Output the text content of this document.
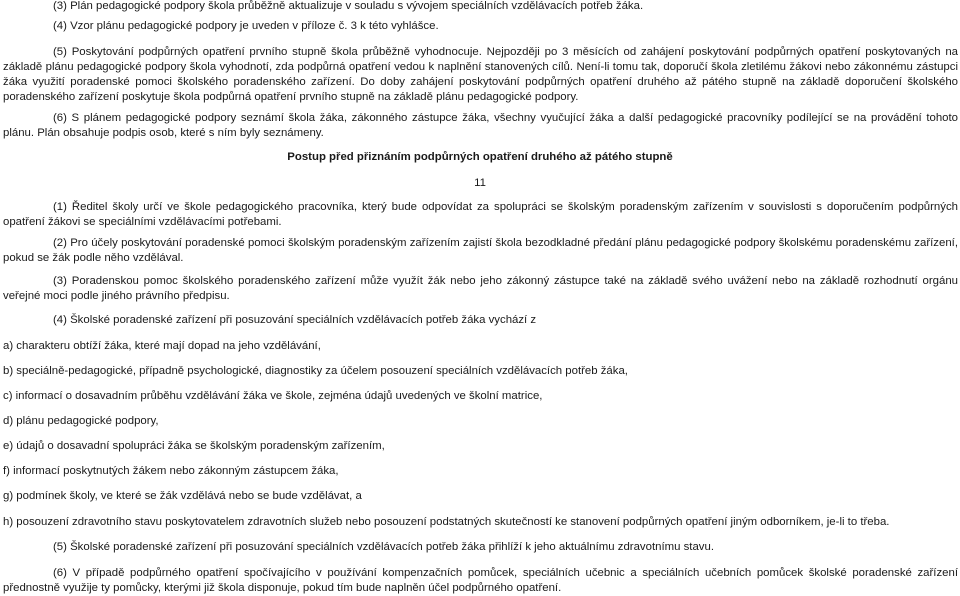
(3) Plán pedagogické podpory škola průběžně aktualizuje v souladu s vývojem speciálních vzdělávacích potřeb žáka.

(4) Vzor plánu pedagogické podpory je uveden v příloze č. 3 k této vyhlášce.

(5) Poskytování podpůrných opatření prvního stupně škola průběžně vyhodnocuje. Nejpozději po 3 měsících od zahájení poskytování podpůrných opatření poskytovaných na základě plánu pedagogické podpory škola vyhodnotí, zda podpůrná opatření vedou k naplnění stanovených cílů. Není-li tomu tak, doporučí škola zletilému žákovi nebo zákonnému zástupci žáka využití poradenské pomoci školského poradenského zařízení. Do doby zahájení poskytování podpůrných opatření druhého až pátého stupně na základě doporučení školského poradenského zařízení poskytuje škola podpůrná opatření prvního stupně na základě plánu pedagogické podpory.

(6) S plánem pedagogické podpory seznámí škola žáka, zákonného zástupce žáka, všechny vyučující žáka a další pedagogické pracovníky podílející se na provádění tohoto plánu. Plán obsahuje podpis osob, které s ním byly seznámeny.

Postup před přiznáním podpůrných opatření druhého až pátého stupně

11

(1) Ředitel školy určí ve škole pedagogického pracovníka, který bude odpovídat za spolupráci se školským poradenským zařízením v souvislosti s doporučením podpůrných opatření žákovi se speciálními vzdělávacími potřebami.

(2) Pro účely poskytování poradenské pomoci školským poradenským zařízením zajistí škola bezodkladné předání plánu pedagogické podpory školskému poradenskému zařízení, pokud se žák podle něho vzdělával.

(3) Poradenskou pomoc školského poradenského zařízení může využít žák nebo jeho zákonný zástupce také na základě svého uvážení nebo na základě rozhodnutí orgánu veřejné moci podle jiného právního předpisu.

(4) Školské poradenské zařízení při posuzování speciálních vzdělávacích potřeb žáka vychází z

a) charakteru obtíží žáka, které mají dopad na jeho vzdělávání,

b) speciálně-pedagogické, případně psychologické, diagnostiky za účelem posouzení speciálních vzdělávacích potřeb žáka,

c) informací o dosavadním průběhu vzdělávání žáka ve škole, zejména údajů uvedených ve školní matrice,

d) plánu pedagogické podpory,

e) údajů o dosavadní spolupráci žáka se školským poradenským zařízením,

f) informací poskytnutých žákem nebo zákonným zástupcem žáka,

g) podmínek školy, ve které se žák vzdělává nebo se bude vzdělávat, a

h) posouzení zdravotního stavu poskytovatelem zdravotních služeb nebo posouzení podstatných skutečností ke stanovení podpůrných opatření jiným odborníkem, je-li to třeba.

(5) Školské poradenské zařízení při posuzování speciálních vzdělávacích potřeb žáka přihlíží k jeho aktuálnímu zdravotnímu stavu.

(6) V případě podpůrného opatření spočívajícího v používání kompenzačních pomůcek, speciálních učebnic a speciálních učebních pomůcek školské poradenské zařízení přednostně využije ty pomůcky, kterými již škola disponuje, pokud tím bude naplněn účel podpůrného opatření.
